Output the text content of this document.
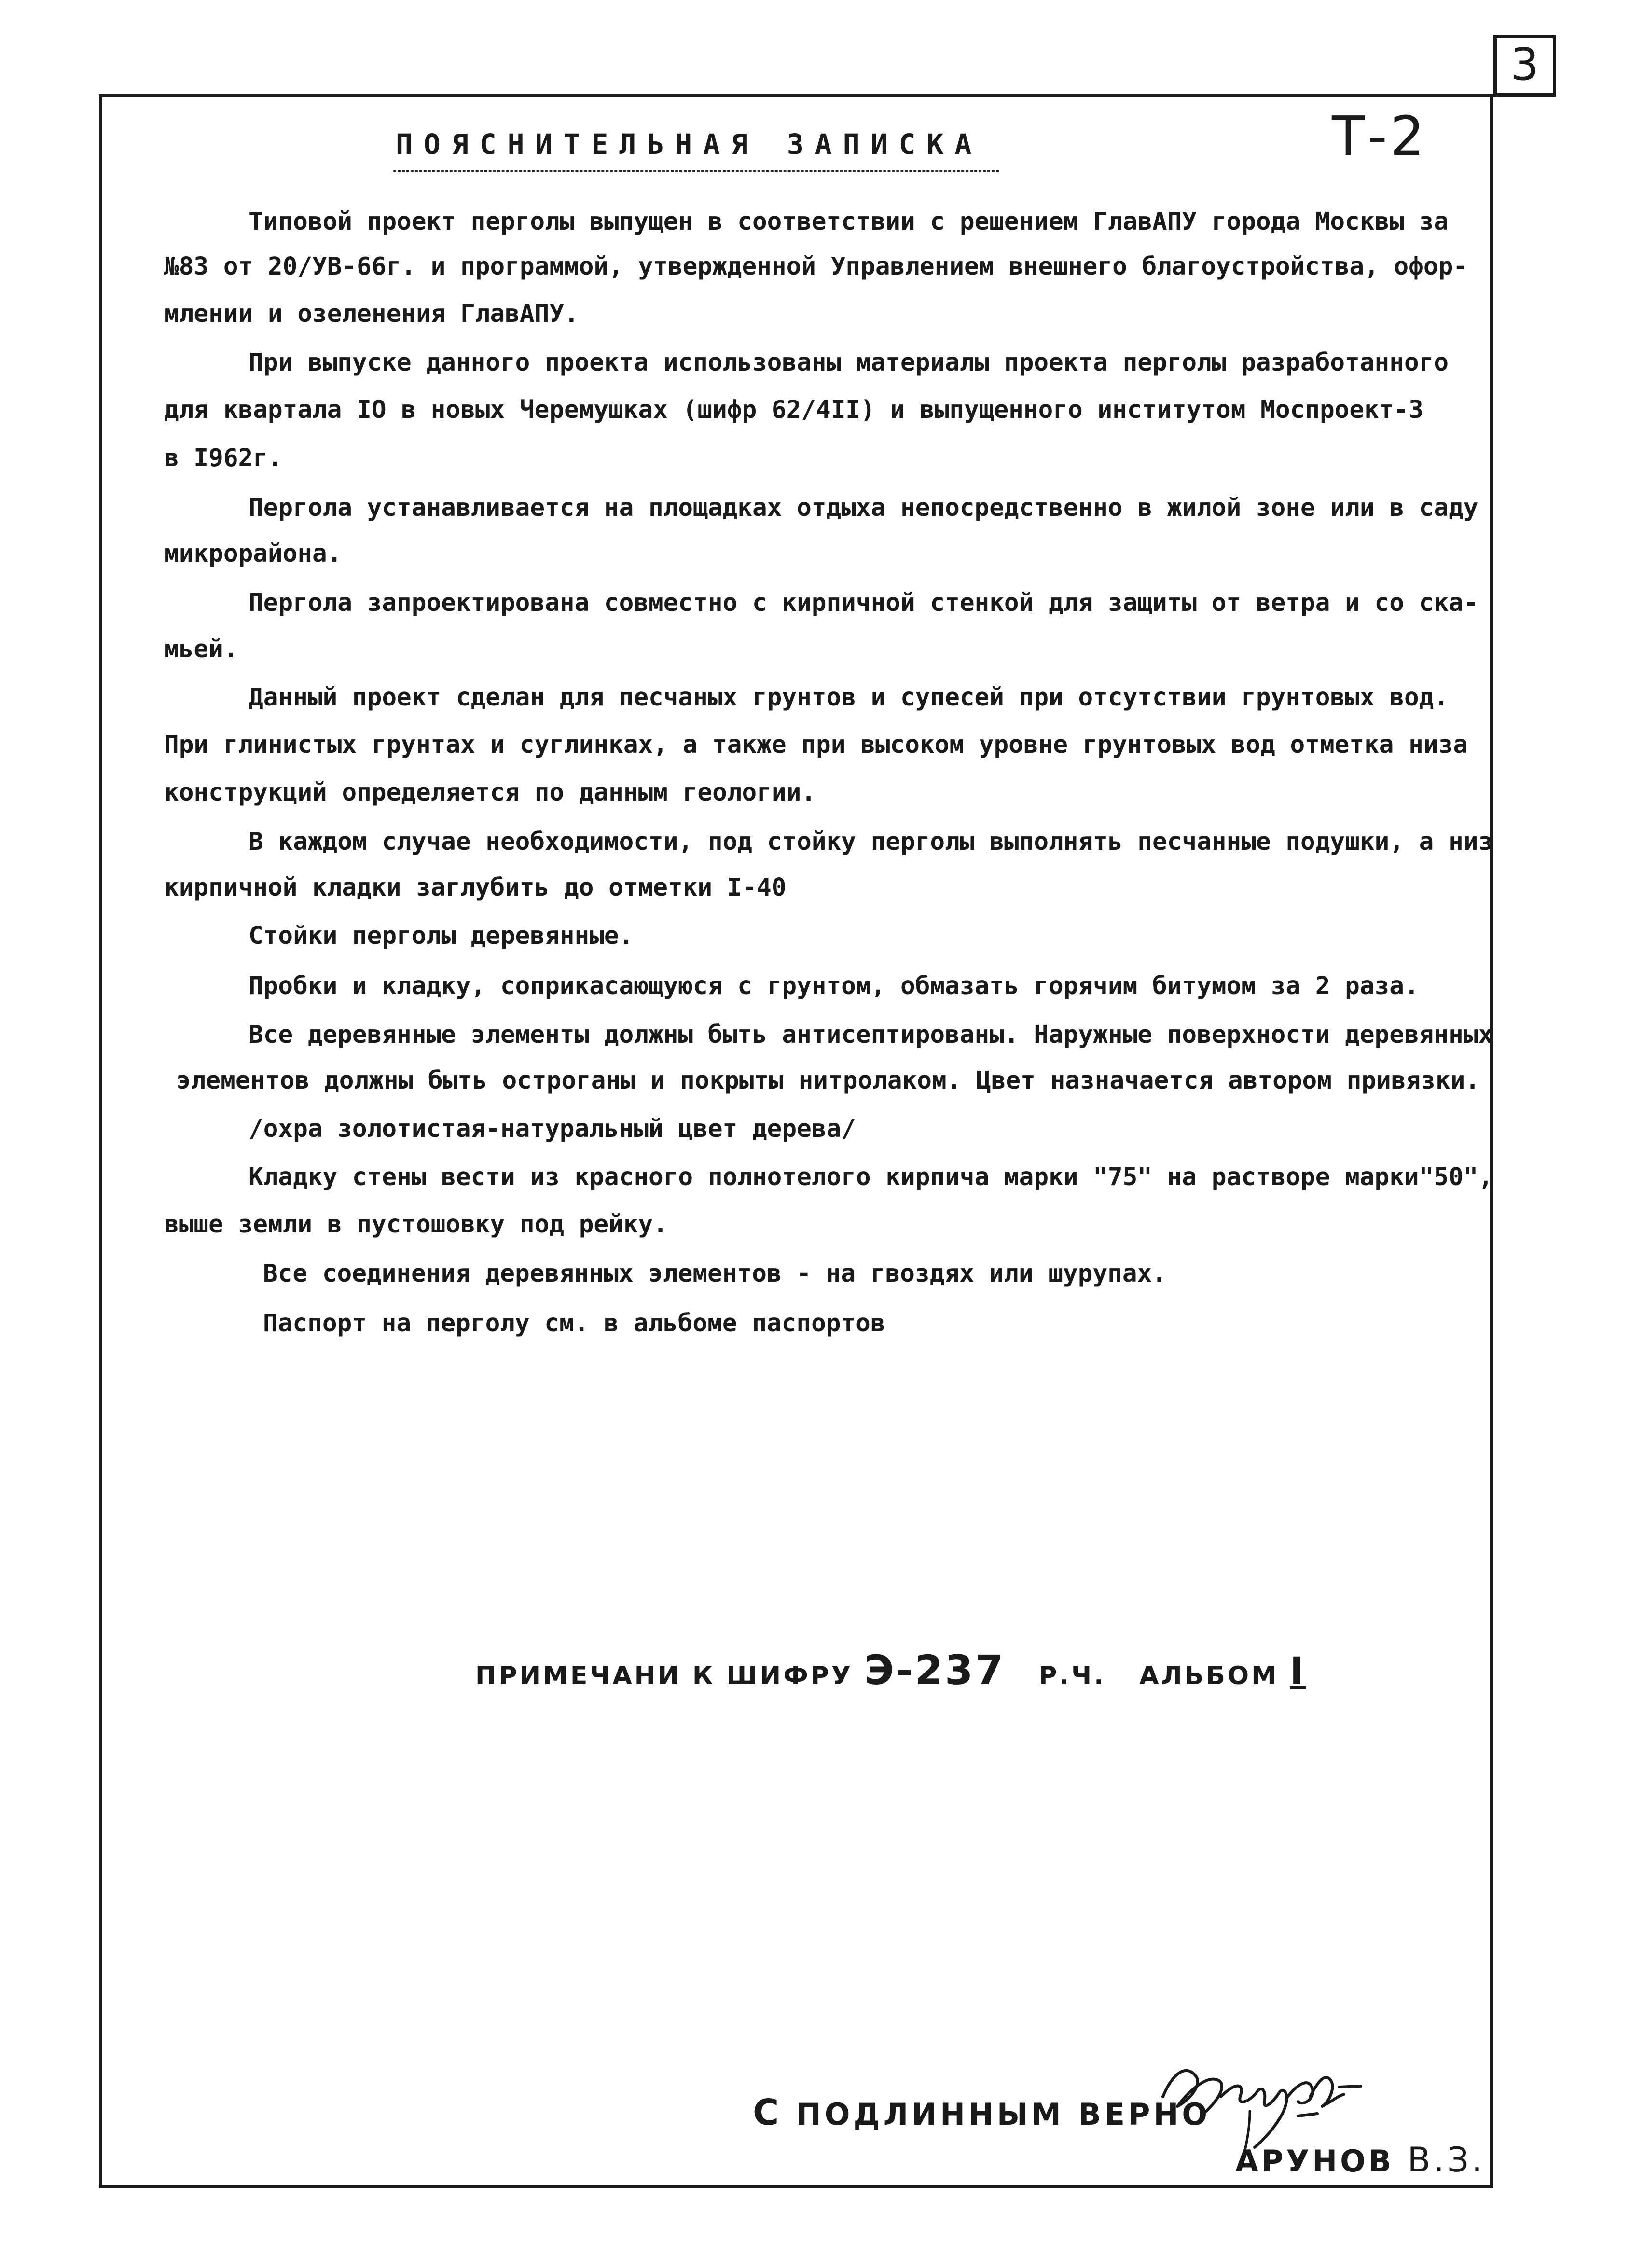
3
Т-2
ПОЯСНИТЕЛЬНАЯ ЗАПИСКА
Типовой проект перголы выпущен в соответствии с решением ГлавАПУ города Москвы за
№83 от 20/УВ-66г. и программой, утвержденной Управлением внешнего благоустройства, офор-
млении и озеленения ГлавАПУ.
При выпуске данного проекта использованы материалы проекта перголы разработанного
для квартала IO в новых Черемушках (шифр 62/4II) и выпущенного институтом Моспроект-3
в I962г.
Пергола устанавливается на площадках отдыха непосредственно в жилой зоне или в саду
микрорайона.
Пергола запроектирована совместно с кирпичной стенкой для защиты от ветра и со ска-
мьей.
Данный проект сделан для песчаных грунтов и супесей при отсутствии грунтовых вод.
При глинистых грунтах и суглинках, а также при высоком уровне грунтовых вод отметка низа
конструкций определяется по данным геологии.
В каждом случае необходимости, под стойку перголы выполнять песчанные подушки, а низ
кирпичной кладки заглубить до отметки I-40
Стойки перголы деревянные.
Пробки и кладку, соприкасающуюся с грунтом, обмазать горячим битумом за 2 раза.
Все деревянные элементы должны быть антисептированы. Наружные поверхности деревянных
элементов должны быть острoганы и покрыты нитролаком. Цвет назначается автором привязки.
/охра золотистая-натуральный цвет дерева/
Кладку стены вести из красного полнотелого кирпича марки "75" на растворе марки"50",
выше земли в пустошовку под рейку.
Все соединения деревянных элементов - на гвоздях или шурупах.
Паспорт на перголу см. в альбоме паспортов
ПРИМЕЧАНИ К ШИФРУ Э-237 Р.Ч. АЛЬБОМ I
С ПОДЛИННЫМ ВЕРНО
АРУНОВ В.З.
